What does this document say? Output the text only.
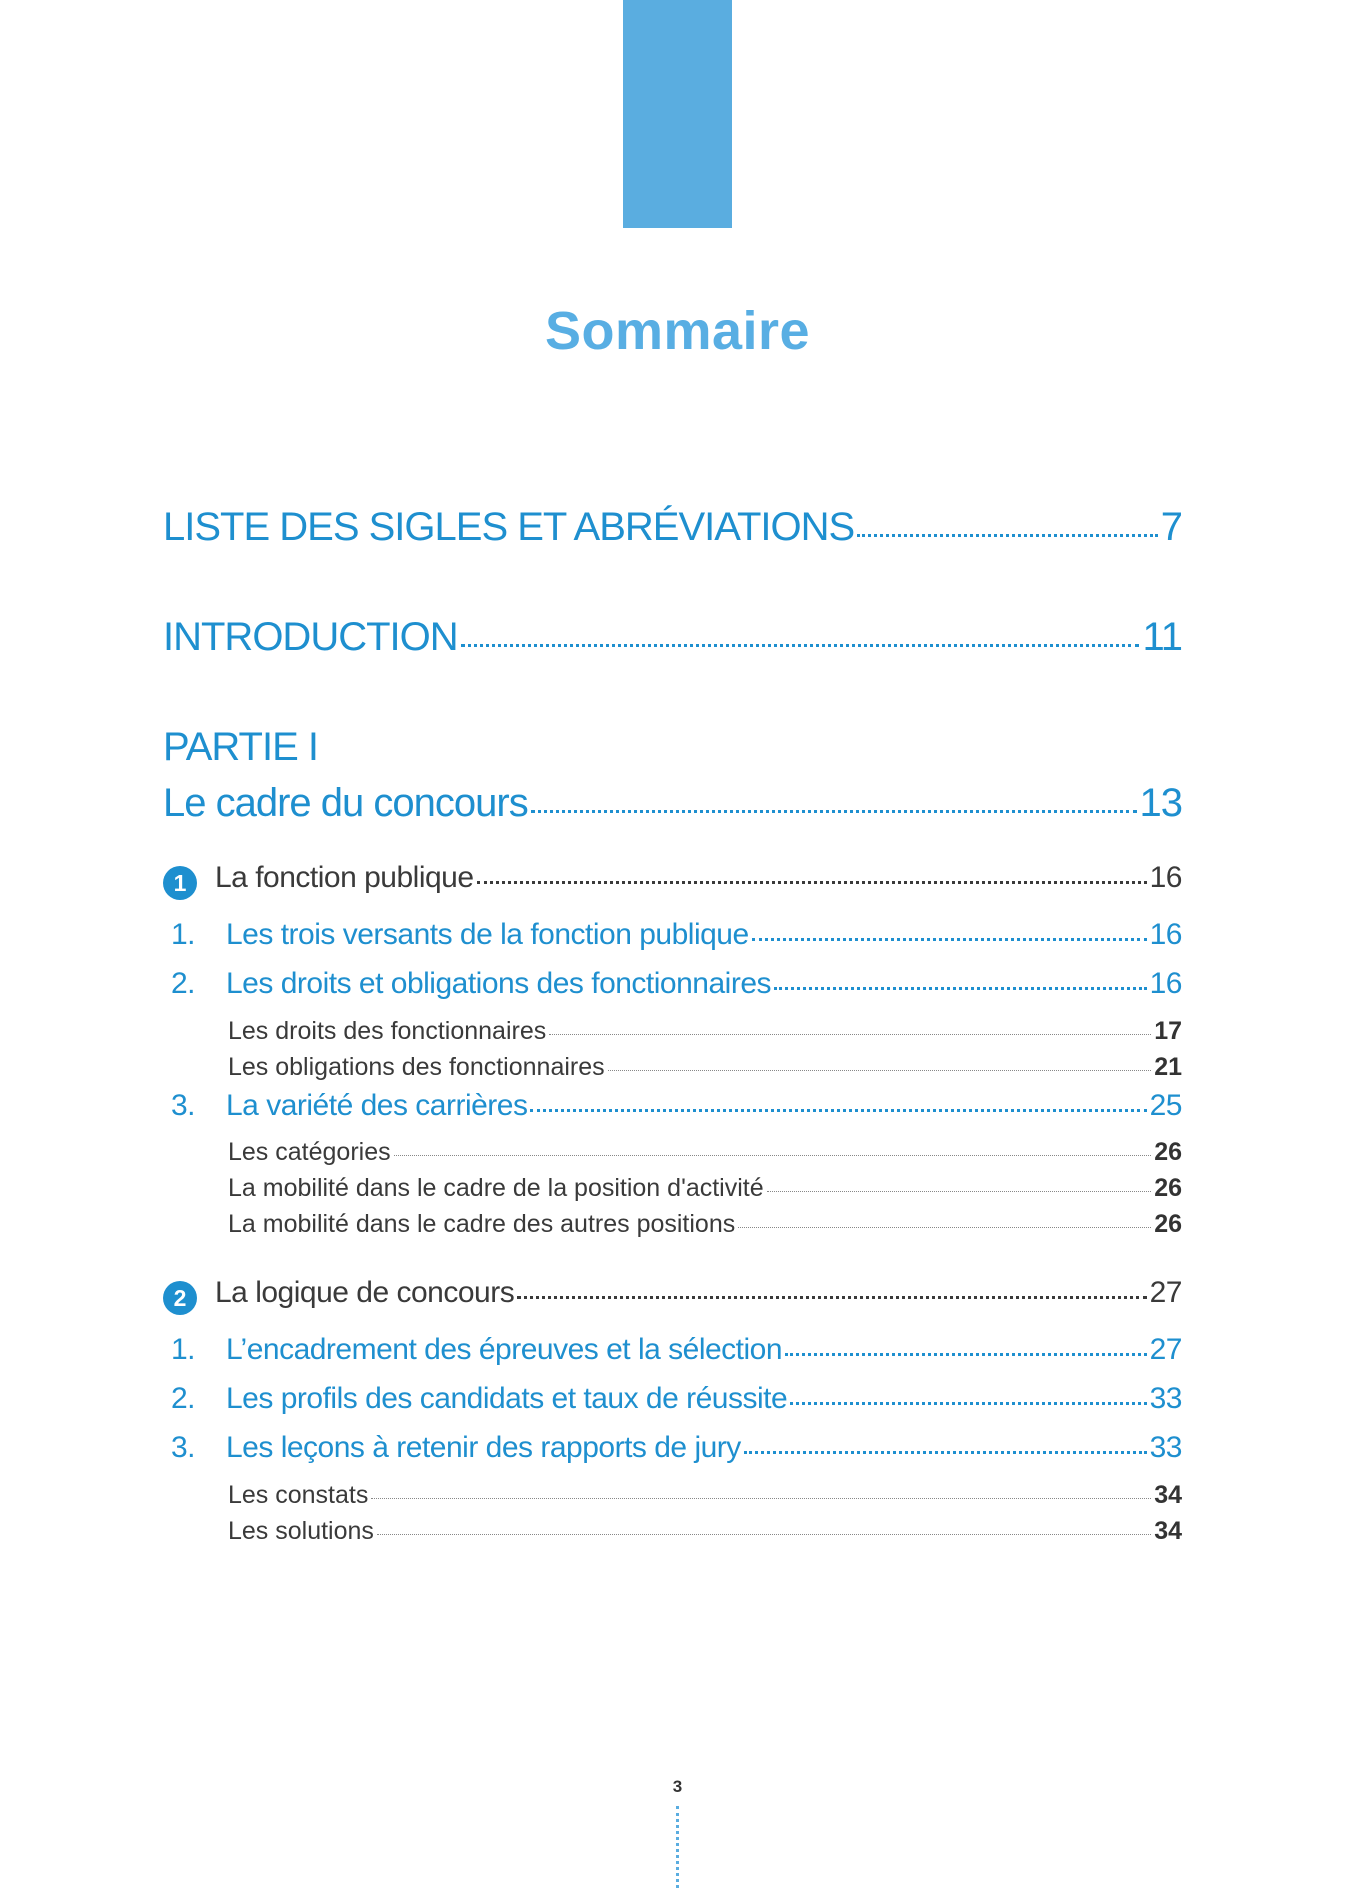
Sommaire
LISTE DES SIGLES ET ABRÉVIATIONS	7
INTRODUCTION	11
PARTIE I
Le cadre du concours	13
1 La fonction publique	16
1. Les trois versants de la fonction publique	16
2. Les droits et obligations des fonctionnaires	16
Les droits des fonctionnaires	17
Les obligations des fonctionnaires	21
3. La variété des carrières	25
Les catégories	26
La mobilité dans le cadre de la position d'activité	26
La mobilité dans le cadre des autres positions	26
2 La logique de concours	27
1. L’encadrement des épreuves et la sélection	27
2. Les profils des candidats et taux de réussite	33
3. Les leçons à retenir des rapports de jury	33
Les constats	34
Les solutions	34
3
